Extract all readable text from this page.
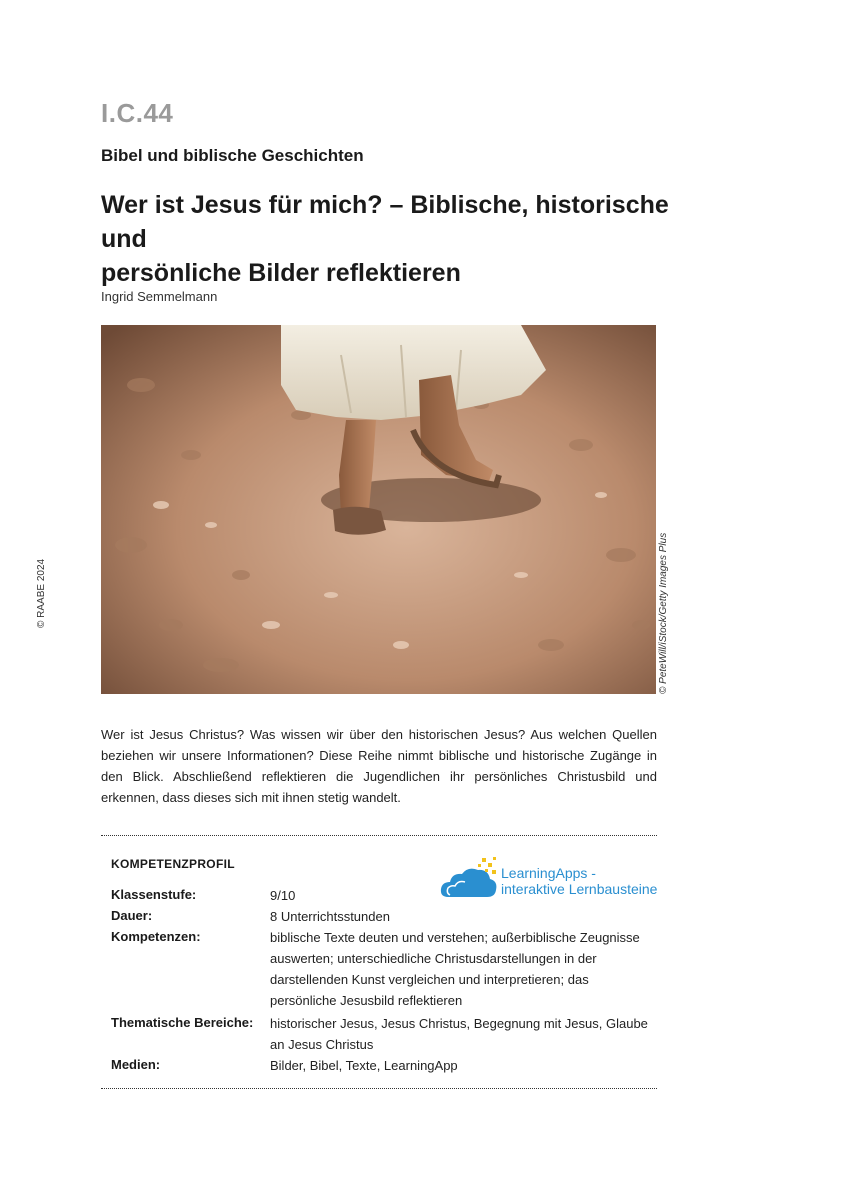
I.C.44
Bibel und biblische Geschichten
Wer ist Jesus für mich? – Biblische, historische und
persönliche Bilder reflektieren
Ingrid Semmelmann
© PeteWill/iStock/Getty Images Plus
© RAABE 2024
Wer ist Jesus Christus? Was wissen wir über den historischen Jesus? Aus welchen Quellen beziehen wir unsere Informationen? Diese Reihe nimmt biblische und historische Zugänge in den Blick. Abschließend reflektieren die Jugendlichen ihr persönliches Christusbild und erkennen, dass dieses sich mit ihnen stetig wandelt.
KOMPETENZPROFIL
LearningApps -
interaktive Lernbausteine
Klassenstufe:	9/10
Dauer:	8 Unterrichtsstunden
Kompetenzen:	biblische Texte deuten und verstehen; außerbiblische Zeugnisse auswerten; unterschiedliche Christusdarstellungen in der darstellenden Kunst vergleichen und interpretieren; das persönliche Jesusbild reflektieren
Thematische Bereiche: historischer Jesus, Jesus Christus, Begegnung mit Jesus, Glaube an Jesus Christus
Medien:	Bilder, Bibel, Texte, LearningApp
